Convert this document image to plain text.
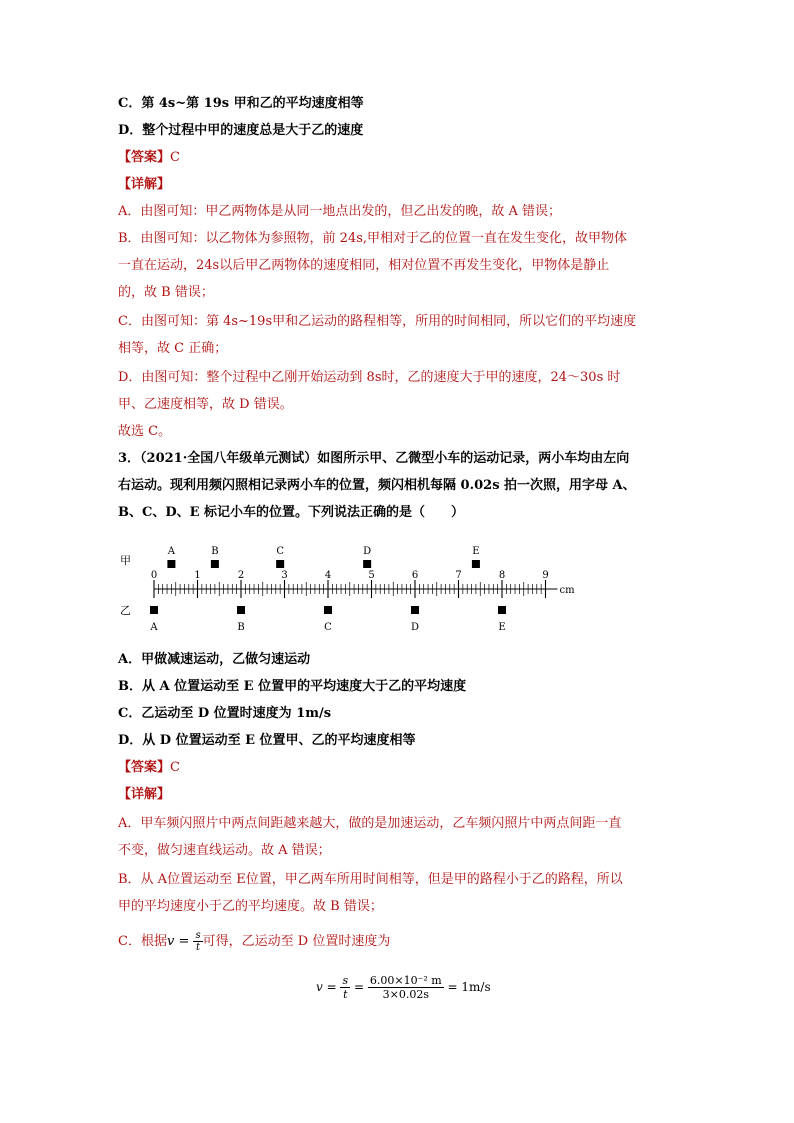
C．第 4s~第 19s 甲和乙的平均速度相等
D．整个过程中甲的速度总是大于乙的速度
【答案】C
【详解】
A．由图可知：甲乙两物体是从同一地点出发的，但乙出发的晚，故 A 错误；
B．由图可知：以乙物体为参照物，前 24s,甲相对于乙的位置一直在发生变化，故甲物体
一直在运动，24s以后甲乙两物体的速度相同，相对位置不再发生变化，甲物体是静止
的，故 B 错误；
C．由图可知：第 4s~19s甲和乙运动的路程相等，所用的时间相同，所以它们的平均速度
相等，故 C 正确；
D．由图可知：整个过程中乙刚开始运动到 8s时，乙的速度大于甲的速度，24～30s 时
甲、乙速度相等，故 D 错误。
故选 C。
3．（2021·全国八年级单元测试）如图所示甲、乙微型小车的运动记录，两小车均由左向
右运动。现利用频闪照相记录两小车的位置，频闪相机每隔 0.02s 拍一次照，用字母 A、
B、C、D、E 标记小车的位置。下列说法正确的是（　　）
甲
乙
0	1	2	3	4	5	6	7	8	9
cm
A	B	C	D	E
A	B	C	D	E
A．甲做减速运动，乙做匀速运动
B．从 A 位置运动至 E 位置甲的平均速度大于乙的平均速度
C．乙运动至 D 位置时速度为 1m/s
D．从 D 位置运动至 E 位置甲、乙的平均速度相等
【答案】C
【详解】
A．甲车频闪照片中两点间距越来越大，做的是加速运动，乙车频闪照片中两点间距一直
不变，做匀速直线运动。故 A 错误；
B．从 A位置运动至 E位置，甲乙两车所用时间相等，但是甲的路程小于乙的路程，所以
甲的平均速度小于乙的平均速度。故 B 错误；
C．根据$v = \frac{s}{t}$ 可得，乙运动至 D 位置时速度为
$v = \frac{s}{t} = \frac{\text{6.00×10⁻² m}}{3\times 0.02s} = 1m/s$
